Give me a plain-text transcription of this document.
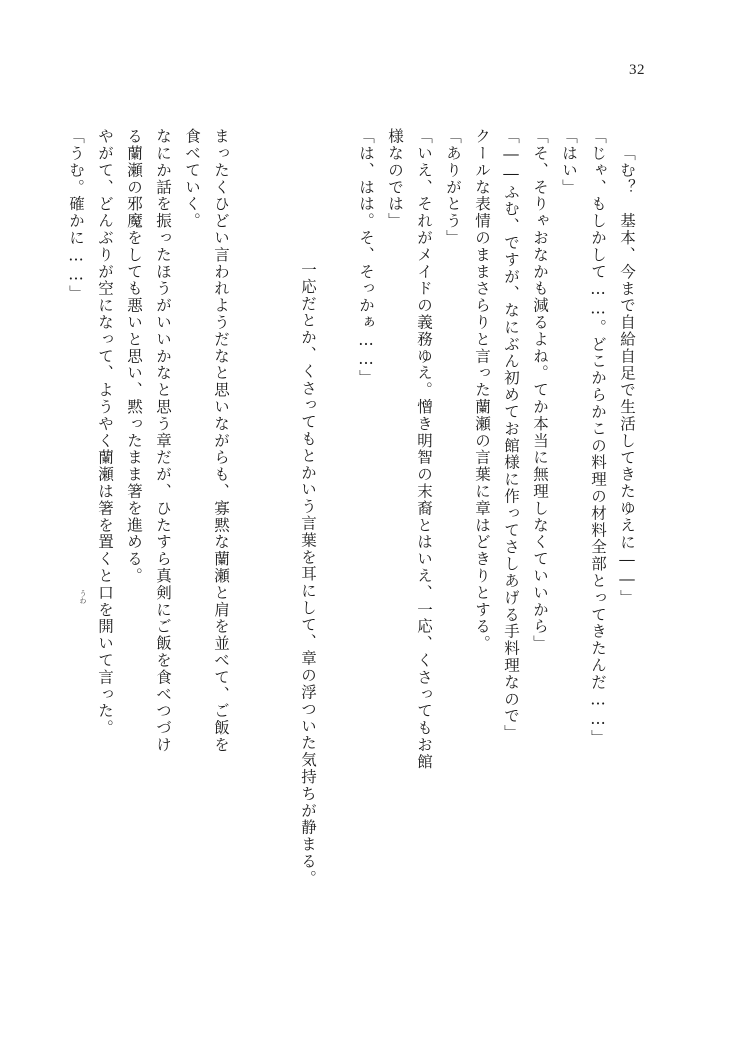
32
「む？　基本、今まで自給自足で生活してきたゆえに――」
「じゃ、もしかして……。どこからかこの料理の材料全部とってきたんだ……」
「はい」
「そ、そりゃおなかも減るよね。てか本当に無理しなくていいから」
「――ふむ、ですが、なにぶん初めてお館様に作ってさしあげる手料理なので」
クールな表情のままさらりと言った蘭瀬の言葉に章はどきりとする。
「ありがとう」
「いえ、それがメイドの義務ゆえ。憎き明智の末裔とはいえ、一応、くさってもお館
様なのでは」
「は、はは。そ、そっかぁ……」

一応だとか、くさってもとかいう言葉を耳にして、章の浮ついた気持ちが静まる。

うわ

	まったくひどい言われようだなと思いながらも、寡黙な蘭瀬と肩を並べて、ご飯を
食べていく。
なにか話を振ったほうがいいかなと思う章だが、ひたすら真剣にご飯を食べつづけ
る蘭瀬の邪魔をしても悪いと思い、黙ったまま箸を進める。
やがて、どんぶりが空になって、ようやく蘭瀬は箸を置くと口を開いて言った。
「うむ。確かに……」
